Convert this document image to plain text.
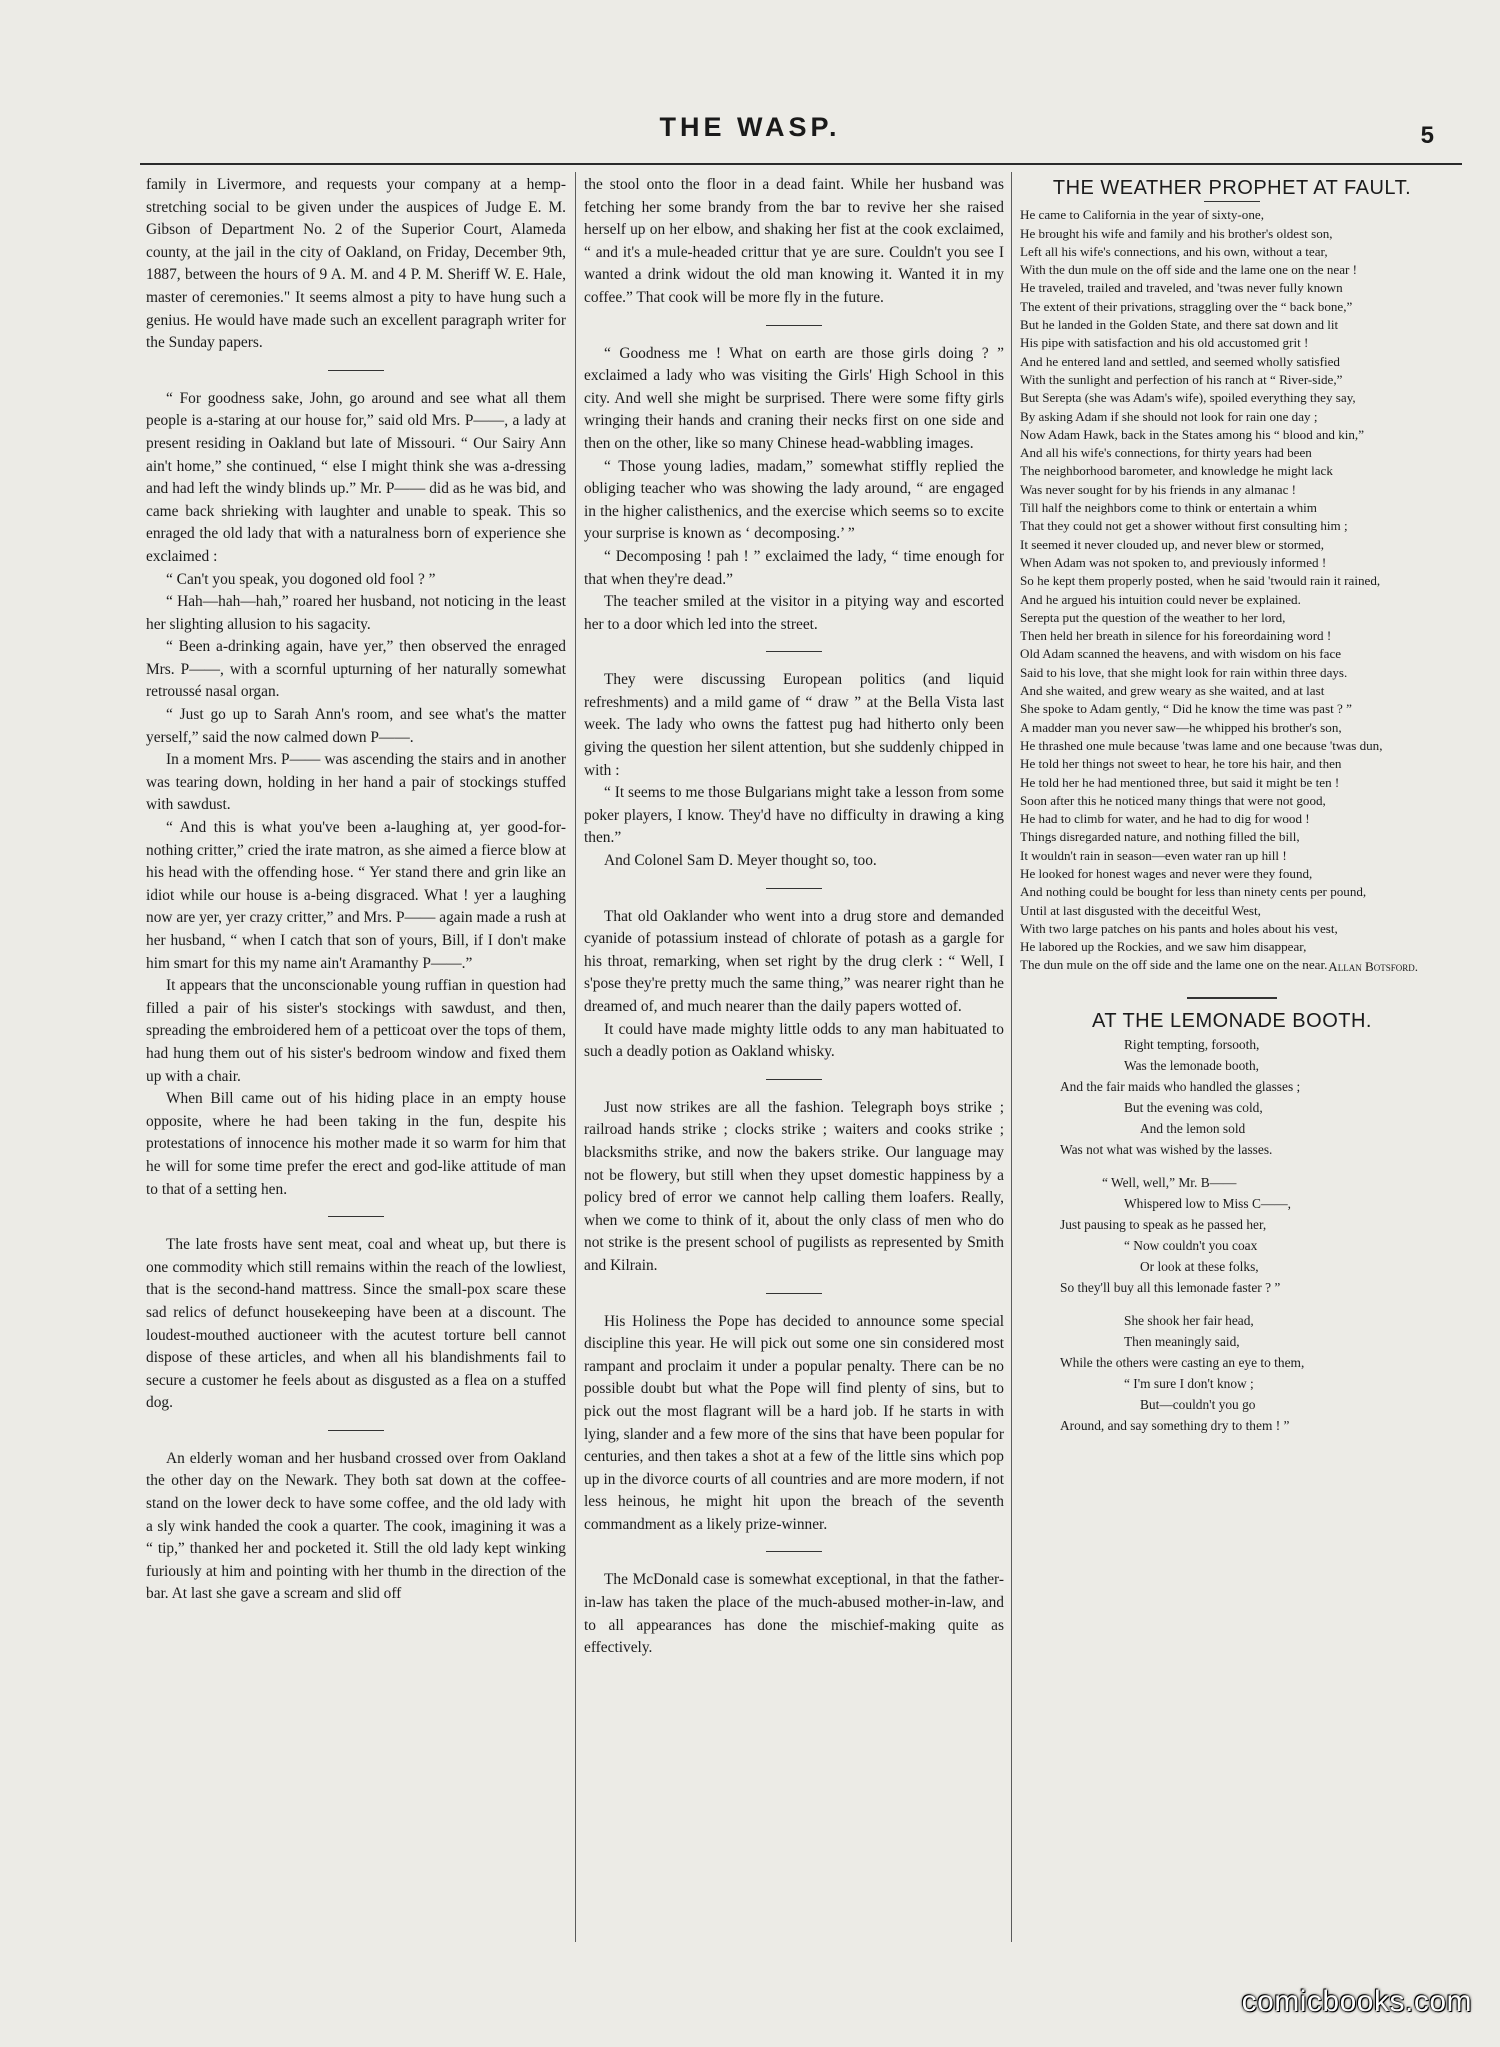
THE WASP.	5

family in Livermore, and requests your company at a hemp-stretching social to be given under the auspices of Judge E. M. Gibson of Department No. 2 of the Superior Court, Alameda county, at the jail in the city of Oakland, on Friday, December 9th, 1887, between the hours of 9 A. M. and 4 P. M. Sheriff W. E. Hale, master of ceremonies." It seems almost a pity to have hung such a genius. He would have made such an excellent paragraph writer for the Sunday papers.

“ For goodness sake, John, go around and see what all them people is a-staring at our house for,” said old Mrs. P——, a lady at present residing in Oakland but late of Missouri. “ Our Sairy Ann ain't home,” she continued, “ else I might think she was a-dressing and had left the windy blinds up.” Mr. P—— did as he was bid, and came back shrieking with laughter and unable to speak. This so enraged the old lady that with a naturalness born of experience she exclaimed :

“ Can't you speak, you dogoned old fool ? ”

“ Hah—hah—hah,” roared her husband, not noticing in the least her slighting allusion to his sagacity.

“ Been a-drinking again, have yer,” then observed the enraged Mrs. P——, with a scornful upturning of her naturally somewhat retroussé nasal organ.

“ Just go up to Sarah Ann's room, and see what's the matter yerself,” said the now calmed down P——.

In a moment Mrs. P—— was ascending the stairs and in another was tearing down, holding in her hand a pair of stockings stuffed with sawdust.

“ And this is what you've been a-laughing at, yer good-for-nothing critter,” cried the irate matron, as she aimed a fierce blow at his head with the offending hose. “ Yer stand there and grin like an idiot while our house is a-being disgraced. What ! yer a laughing now are yer, yer crazy critter,” and Mrs. P—— again made a rush at her husband, “ when I catch that son of yours, Bill, if I don't make him smart for this my name ain't Aramanthy P——.”

It appears that the unconscionable young ruffian in question had filled a pair of his sister's stockings with sawdust, and then, spreading the embroidered hem of a petticoat over the tops of them, had hung them out of his sister's bedroom window and fixed them up with a chair.

When Bill came out of his hiding place in an empty house opposite, where he had been taking in the fun, despite his protestations of innocence his mother made it so warm for him that he will for some time prefer the erect and god-like attitude of man to that of a setting hen.

The late frosts have sent meat, coal and wheat up, but there is one commodity which still remains within the reach of the lowliest, that is the second-hand mattress. Since the small-pox scare these sad relics of defunct housekeeping have been at a discount. The loudest-mouthed auctioneer with the acutest torture bell cannot dispose of these articles, and when all his blandishments fail to secure a customer he feels about as disgusted as a flea on a stuffed dog.

An elderly woman and her husband crossed over from Oakland the other day on the Newark. They both sat down at the coffee-stand on the lower deck to have some coffee, and the old lady with a sly wink handed the cook a quarter. The cook, imagining it was a “ tip,” thanked her and pocketed it. Still the old lady kept winking furiously at him and pointing with her thumb in the direction of the bar. At last she gave a scream and slid off

the stool onto the floor in a dead faint. While her husband was fetching her some brandy from the bar to revive her she raised herself up on her elbow, and shaking her fist at the cook exclaimed, “ and it's a mule-headed crittur that ye are sure. Couldn't you see I wanted a drink widout the old man knowing it. Wanted it in my coffee.” That cook will be more fly in the future.

“ Goodness me ! What on earth are those girls doing ? ” exclaimed a lady who was visiting the Girls' High School in this city. And well she might be surprised. There were some fifty girls wringing their hands and craning their necks first on one side and then on the other, like so many Chinese head-wabbling images.

“ Those young ladies, madam,” somewhat stiffly replied the obliging teacher who was showing the lady around, “ are engaged in the higher calisthenics, and the exercise which seems so to excite your surprise is known as ‘ decomposing.’ ”

“ Decomposing ! pah ! ” exclaimed the lady, “ time enough for that when they're dead.”

The teacher smiled at the visitor in a pitying way and escorted her to a door which led into the street.

They were discussing European politics (and liquid refreshments) and a mild game of “ draw ” at the Bella Vista last week. The lady who owns the fattest pug had hitherto only been giving the question her silent attention, but she suddenly chipped in with :

“ It seems to me those Bulgarians might take a lesson from some poker players, I know. They'd have no difficulty in drawing a king then.”

And Colonel Sam D. Meyer thought so, too.

That old Oaklander who went into a drug store and demanded cyanide of potassium instead of chlorate of potash as a gargle for his throat, remarking, when set right by the drug clerk : “ Well, I s'pose they're pretty much the same thing,” was nearer right than he dreamed of, and much nearer than the daily papers wotted of.

It could have made mighty little odds to any man habituated to such a deadly potion as Oakland whisky.

Just now strikes are all the fashion. Telegraph boys strike ; railroad hands strike ; clocks strike ; waiters and cooks strike ; blacksmiths strike, and now the bakers strike. Our language may not be flowery, but still when they upset domestic happiness by a policy bred of error we cannot help calling them loafers. Really, when we come to think of it, about the only class of men who do not strike is the present school of pugilists as represented by Smith and Kilrain.

His Holiness the Pope has decided to announce some special discipline this year. He will pick out some one sin considered most rampant and proclaim it under a popular penalty. There can be no possible doubt but what the Pope will find plenty of sins, but to pick out the most flagrant will be a hard job. If he starts in with lying, slander and a few more of the sins that have been popular for centuries, and then takes a shot at a few of the little sins which pop up in the divorce courts of all countries and are more modern, if not less heinous, he might hit upon the breach of the seventh commandment as a likely prize-winner.

The McDonald case is somewhat exceptional, in that the father-in-law has taken the place of the much-abused mother-in-law, and to all appearances has done the mischief-making quite as effectively.

THE WEATHER PROPHET AT FAULT.
He came to California in the year of sixty-one,
He brought his wife and family and his brother's oldest son,
Left all his wife's connections, and his own, without a tear,
With the dun mule on the off side and the lame one on the near !
He traveled, trailed and traveled, and 'twas never fully known
The extent of their privations, straggling over the “ back bone,”
But he landed in the Golden State, and there sat down and lit
His pipe with satisfaction and his old accustomed grit !
And he entered land and settled, and seemed wholly satisfied
With the sunlight and perfection of his ranch at “ River-side,”
But Serepta (she was Adam's wife), spoiled everything they say,
By asking Adam if she should not look for rain one day ;
Now Adam Hawk, back in the States among his “ blood and kin,”
And all his wife's connections, for thirty years had been
The neighborhood barometer, and knowledge he might lack
Was never sought for by his friends in any almanac !
Till half the neighbors come to think or entertain a whim
That they could not get a shower without first consulting him ;
It seemed it never clouded up, and never blew or stormed,
When Adam was not spoken to, and previously informed !
So he kept them properly posted, when he said 'twould rain it rained,
And he argued his intuition could never be explained.
Serepta put the question of the weather to her lord,
Then held her breath in silence for his foreordaining word !
Old Adam scanned the heavens, and with wisdom on his face
Said to his love, that she might look for rain within three days.
And she waited, and grew weary as she waited, and at last
She spoke to Adam gently, “ Did he know the time was past ? ”
A madder man you never saw—he whipped his brother's son,
He thrashed one mule because 'twas lame and one because 'twas dun,
He told her things not sweet to hear, he tore his hair, and then
He told her he had mentioned three, but said it might be ten !
Soon after this he noticed many things that were not good,
He had to climb for water, and he had to dig for wood !
Things disregarded nature, and nothing filled the bill,
It wouldn't rain in season—even water ran up hill !
He looked for honest wages and never were they found,
And nothing could be bought for less than ninety cents per pound,
Until at last disgusted with the deceitful West,
With two large patches on his pants and holes about his vest,
He labored up the Rockies, and we saw him disappear,
The dun mule on the off side and the lame one on the near. Allan Botsford.
AT THE LEMONADE BOOTH.
Right tempting, forsooth,
Was the lemonade booth,
And the fair maids who handled the glasses ;
But the evening was cold,
And the lemon sold
Was not what was wished by the lasses.
“ Well, well,” Mr. B——
Whispered low to Miss C——,
Just pausing to speak as he passed her,
“ Now couldn't you coax
Or look at these folks,
So they'll buy all this lemonade faster ? ”
She shook her fair head,
Then meaningly said,
While the others were casting an eye to them,
“ I'm sure I don't know ;
But—couldn't you go
Around, and say something dry to them ! ”
comicbooks.com
